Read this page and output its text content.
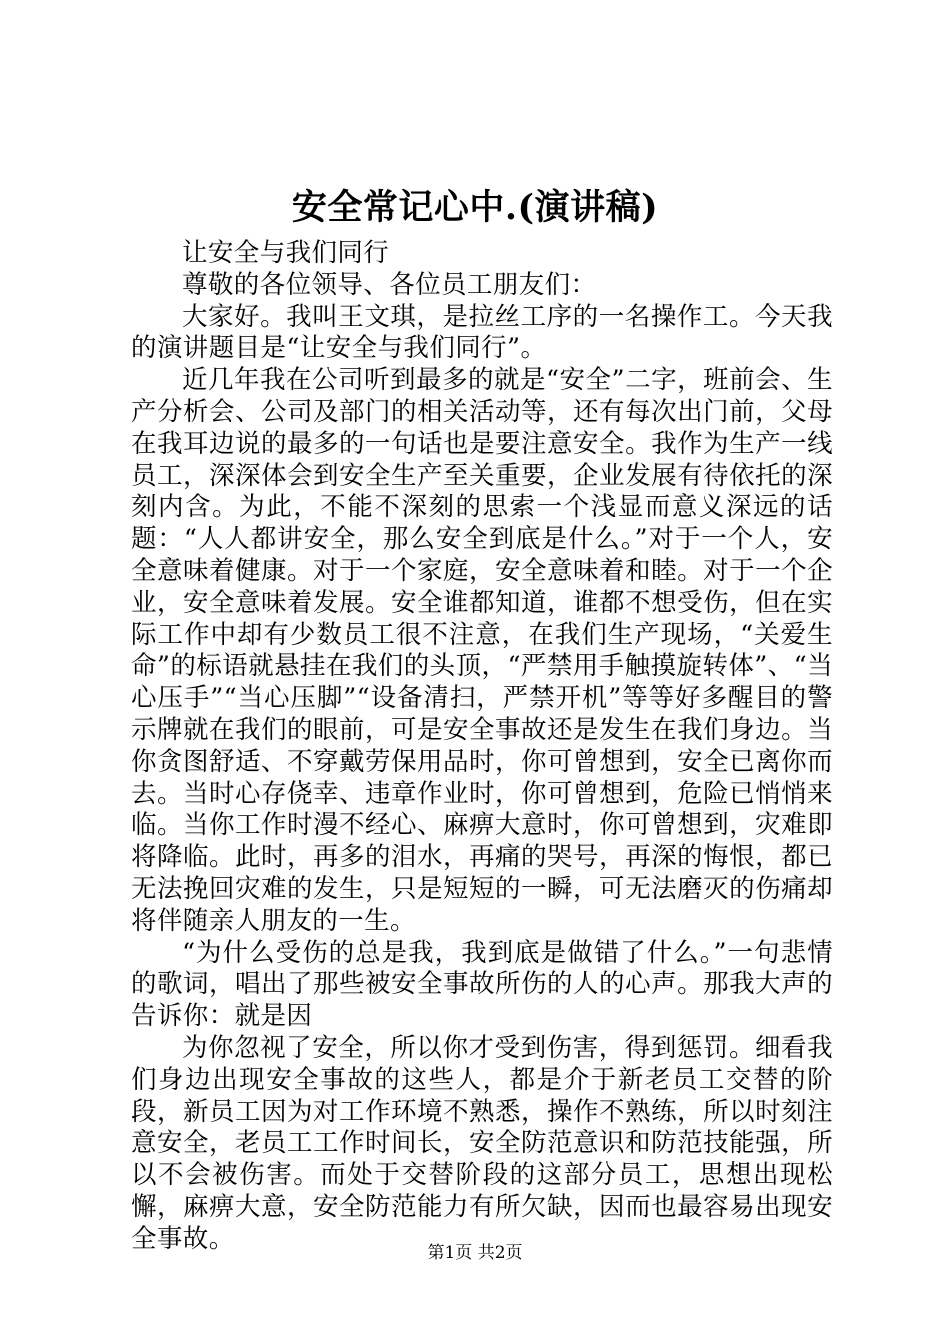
安全常记心中.(演讲稿)

让安全与我们同行

尊敬的各位领导、各位员工朋友们：

大家好。我叫王文琪，是拉丝工序的一名操作工。今天我的演讲题目是“让安全与我们同行”。

近几年我在公司听到最多的就是“安全”二字，班前会、生产分析会、公司及部门的相关活动等，还有每次出门前，父母在我耳边说的最多的一句话也是要注意安全。我作为生产一线员工，深深体会到安全生产至关重要，企业发展有待依托的深刻内含。为此，不能不深刻的思索一个浅显而意义深远的话题：“人人都讲安全，那么安全到底是什么。”对于一个人，安全意味着健康。对于一个家庭，安全意味着和睦。对于一个企业，安全意味着发展。安全谁都知道，谁都不想受伤，但在实际工作中却有少数员工很不注意，在我们生产现场，“关爱生命”的标语就悬挂在我们的头顶，“严禁用手触摸旋转体”、“当心压手”“当心压脚”“设备清扫，严禁开机”等等好多醒目的警示牌就在我们的眼前，可是安全事故还是发生在我们身边。当你贪图舒适、不穿戴劳保用品时，你可曾想到，安全已离你而去。当时心存侥幸、违章作业时，你可曾想到，危险已悄悄来临。当你工作时漫不经心、麻痹大意时，你可曾想到，灾难即将降临。此时，再多的泪水，再痛的哭号，再深的悔恨，都已无法挽回灾难的发生，只是短短的一瞬，可无法磨灭的伤痛却将伴随亲人朋友的一生。

“为什么受伤的总是我，我到底是做错了什么。”一句悲情的歌词，唱出了那些被安全事故所伤的人的心声。那我大声的告诉你：就是因

为你忽视了安全，所以你才受到伤害，得到惩罚。细看我们身边出现安全事故的这些人，都是介于新老员工交替的阶段，新员工因为对工作环境不熟悉，操作不熟练，所以时刻注意安全，老员工工作时间长，安全防范意识和防范技能强，所以不会被伤害。而处于交替阶段的这部分员工，思想出现松懈，麻痹大意，安全防范能力有所欠缺，因而也最容易出现安全事故。	第1页 共2页
